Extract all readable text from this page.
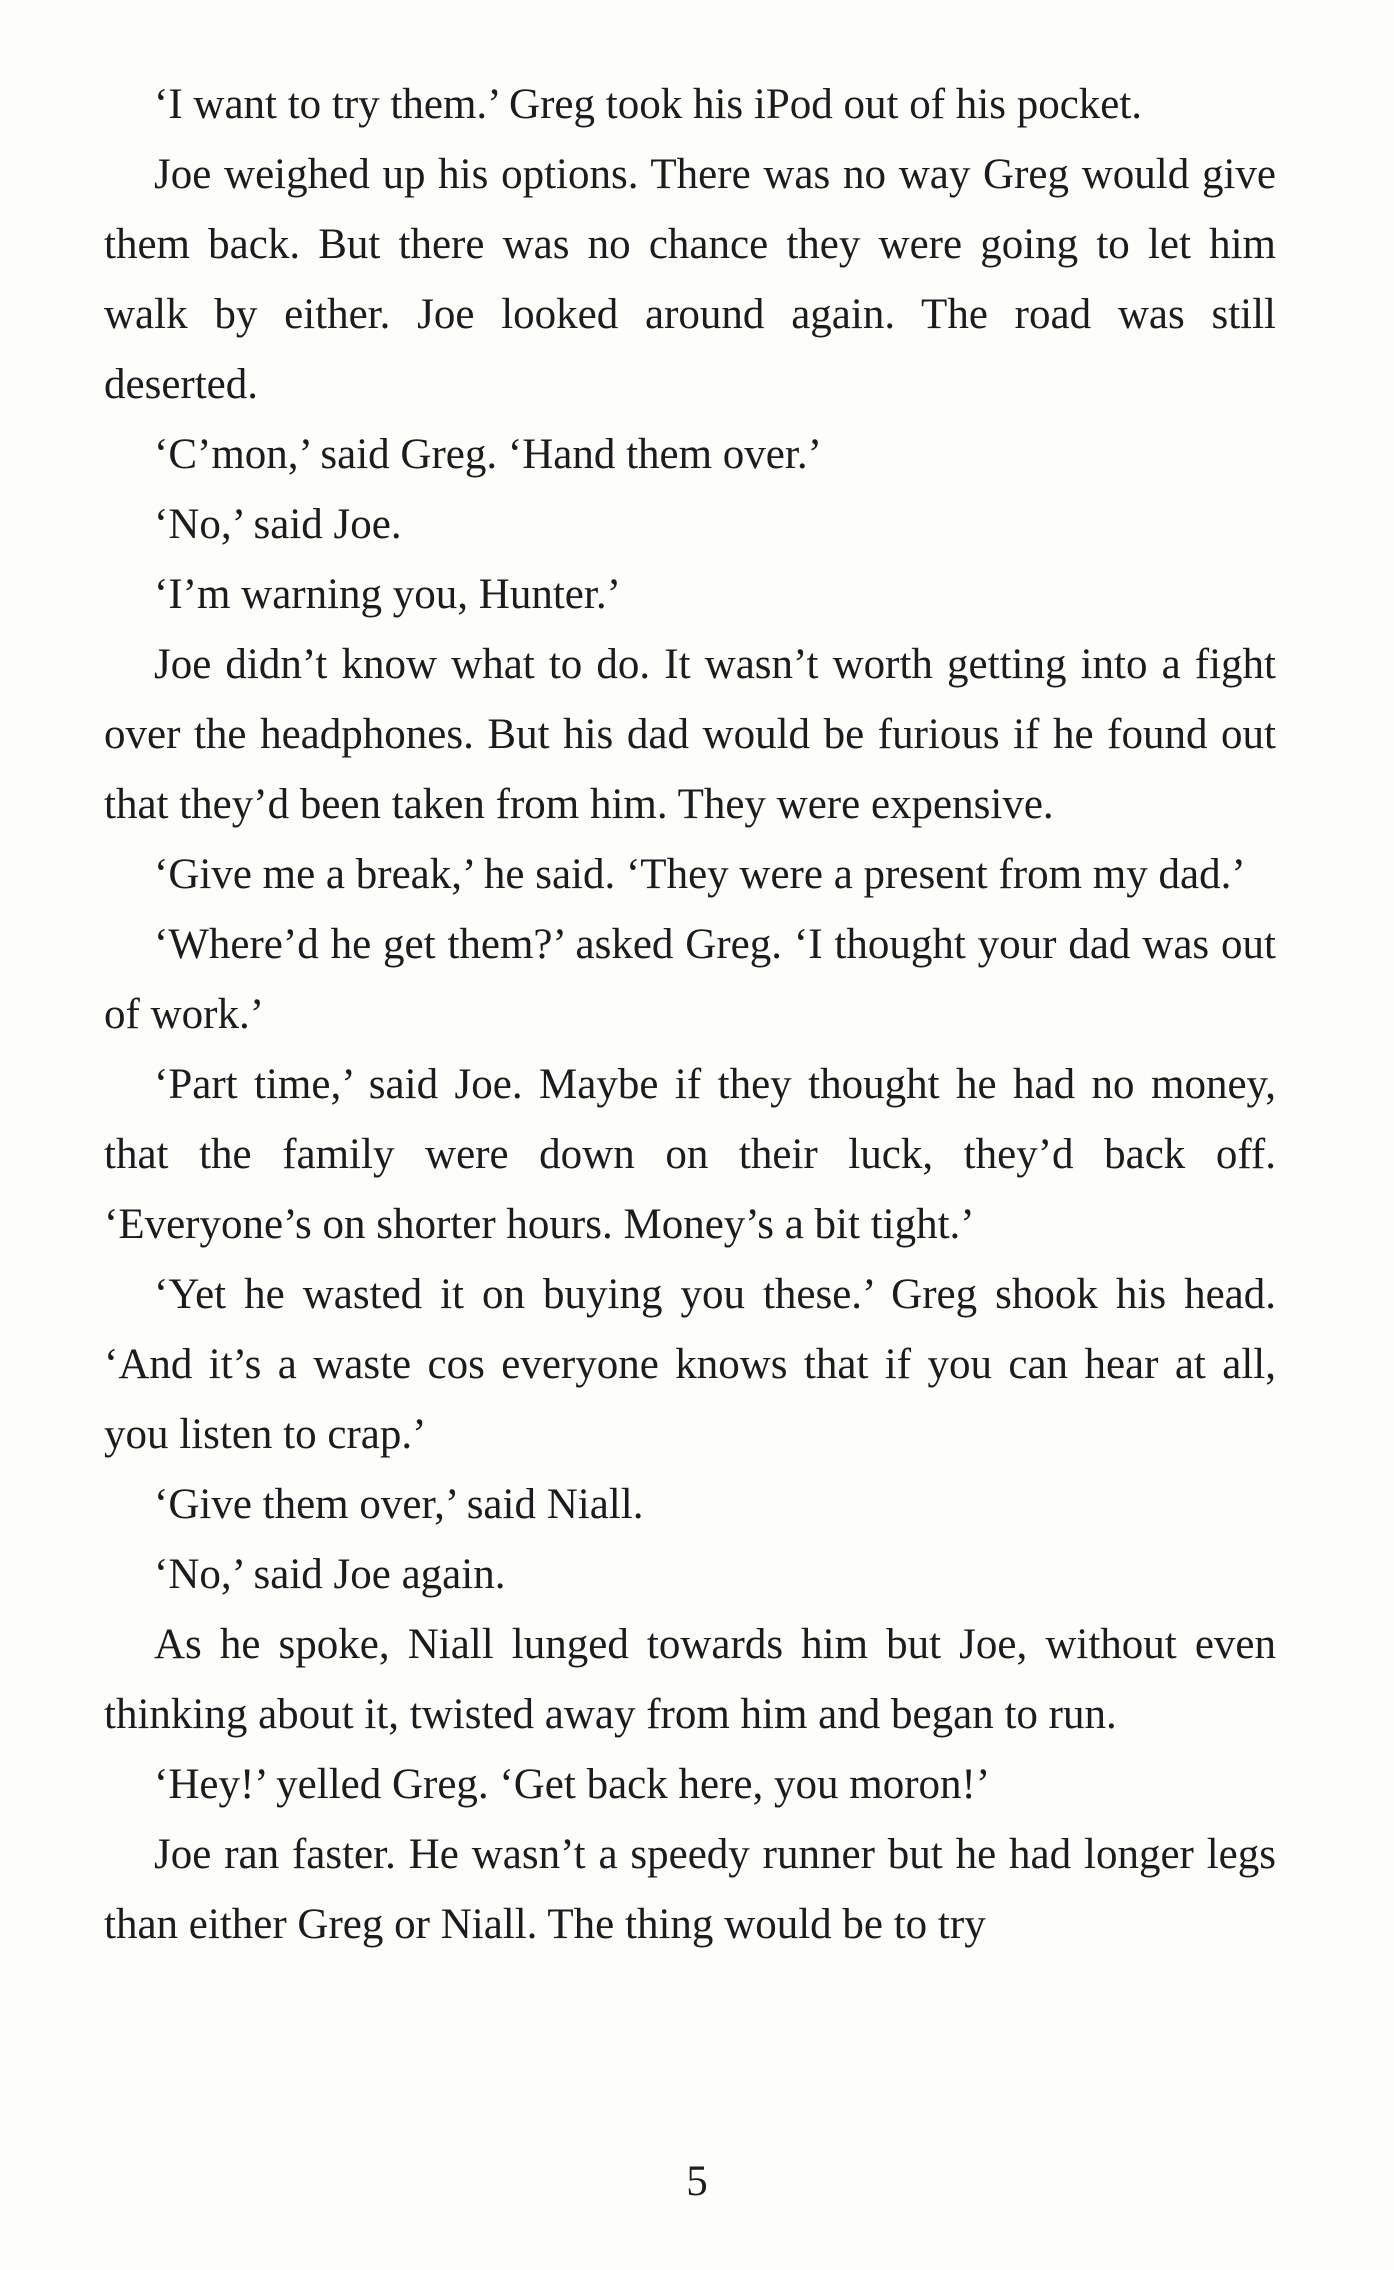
‘I want to try them.’ Greg took his iPod out of his pocket.

Joe weighed up his options. There was no way Greg would give them back. But there was no chance they were going to let him walk by either. Joe looked around again. The road was still deserted.

‘C’mon,’ said Greg. ‘Hand them over.’

‘No,’ said Joe.

‘I’m warning you, Hunter.’

Joe didn’t know what to do. It wasn’t worth getting into a fight over the headphones. But his dad would be furious if he found out that they’d been taken from him. They were expensive.

‘Give me a break,’ he said. ‘They were a present from my dad.’

‘Where’d he get them?’ asked Greg. ‘I thought your dad was out of work.’

‘Part time,’ said Joe. Maybe if they thought he had no money, that the family were down on their luck, they’d back off. ‘Everyone’s on shorter hours. Money’s a bit tight.’

‘Yet he wasted it on buying you these.’ Greg shook his head. ‘And it’s a waste cos everyone knows that if you can hear at all, you listen to crap.’

‘Give them over,’ said Niall.

‘No,’ said Joe again.

As he spoke, Niall lunged towards him but Joe, without even thinking about it, twisted away from him and began to run.

‘Hey!’ yelled Greg. ‘Get back here, you moron!’

Joe ran faster. He wasn’t a speedy runner but he had longer legs than either Greg or Niall. The thing would be to try

5
